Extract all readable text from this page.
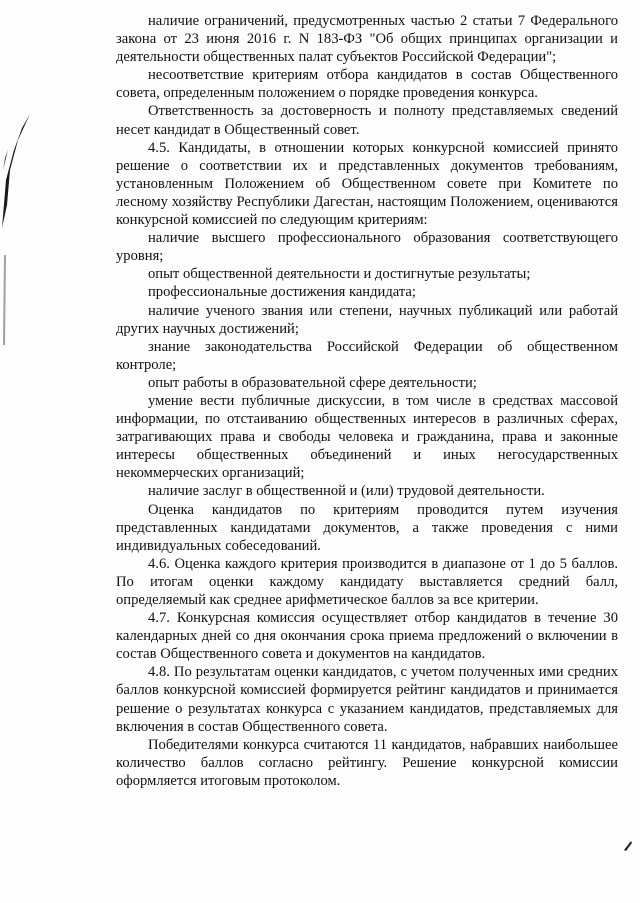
наличие ограничений, предусмотренных частью 2 статьи 7 Федерального закона от 23 июня 2016 г. N 183-ФЗ "Об общих принципах организации и деятельности общественных палат субъектов Российской Федерации";

несоответствие критериям отбора кандидатов в состав Общественного совета, определенным положением о порядке проведения конкурса.

Ответственность за достоверность и полноту представляемых сведений несет кандидат в Общественный совет.

4.5. Кандидаты, в отношении которых конкурсной комиссией принято решение о соответствии их и представленных документов требованиям, установленным Положением об Общественном совете при Комитете по лесному хозяйству Республики Дагестан, настоящим Положением, оцениваются конкурсной комиссией по следующим критериям:

наличие высшего профессионального образования соответствующего уровня;

опыт общественной деятельности и достигнутые результаты;

профессиональные достижения кандидата;

наличие ученого звания или степени, научных публикаций или работай других научных достижений;

знание законодательства Российской Федерации об общественном контроле;

опыт работы в образовательной сфере деятельности;

умение вести публичные дискуссии, в том числе в средствах массовой информации, по отстаиванию общественных интересов в различных сферах, затрагивающих права и свободы человека и гражданина, права и законные интересы общественных объединений и иных негосударственных некоммерческих организаций;

наличие заслуг в общественной и (или) трудовой деятельности.

Оценка кандидатов по критериям проводится путем изучения представленных кандидатами документов, а также проведения с ними индивидуальных собеседований.

4.6. Оценка каждого критерия производится в диапазоне от 1 до 5 баллов. По итогам оценки каждому кандидату выставляется средний балл, определяемый как среднее арифметическое баллов за все критерии.

4.7. Конкурсная комиссия осуществляет отбор кандидатов в течение 30 календарных дней со дня окончания срока приема предложений о включении в состав Общественного совета и документов на кандидатов.

4.8. По результатам оценки кандидатов, с учетом полученных ими средних баллов конкурсной комиссией формируется рейтинг кандидатов и принимается решение о результатах конкурса с указанием кандидатов, представляемых для включения в состав Общественного совета.

Победителями конкурса считаются 11 кандидатов, набравших наибольшее количество баллов согласно рейтингу. Решение конкурсной комиссии оформляется итоговым протоколом.
